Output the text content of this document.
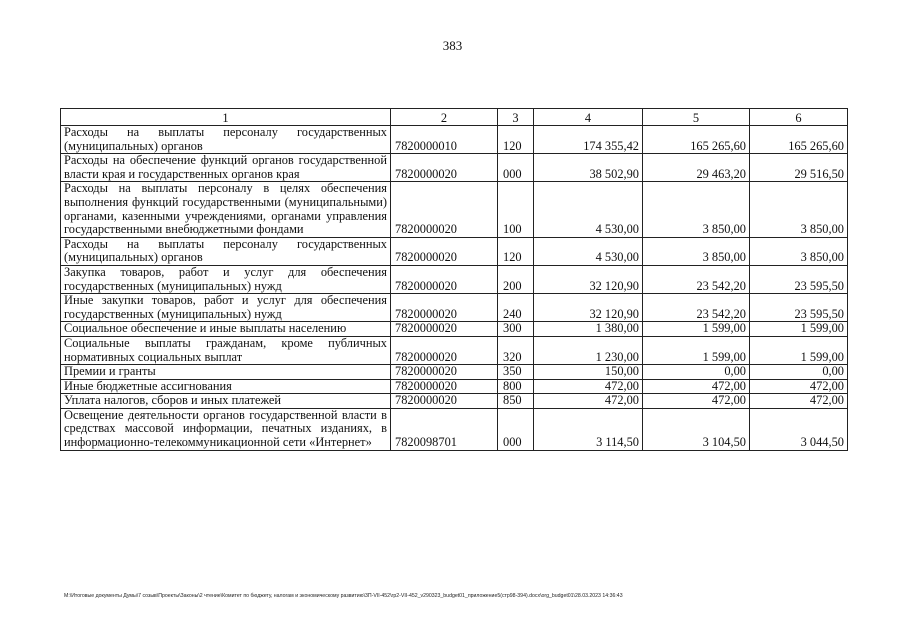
383
1	2	3	4	5	6
Расходы на выплаты персоналу государственных (муниципальных) органов	7820000010	120	174 355,42	165 265,60	165 265,60
Расходы на обеспечение функций органов государственной власти края и государственных органов края	7820000020	000	38 502,90	29 463,20	29 516,50
Расходы на выплаты персоналу в целях обеспечения выполнения функций государственными (муниципальными) органами, казенными учреждениями, органами управления государственными внебюджетными фондами	7820000020	100	4 530,00	3 850,00	3 850,00
Расходы на выплаты персоналу государственных (муниципальных) органов	7820000020	120	4 530,00	3 850,00	3 850,00
Закупка товаров, работ и услуг для обеспечения государственных (муниципальных) нужд	7820000020	200	32 120,90	23 542,20	23 595,50
Иные закупки товаров, работ и услуг для обеспечения государственных (муниципальных) нужд	7820000020	240	32 120,90	23 542,20	23 595,50
Социальное обеспечение и иные выплаты населению	7820000020	300	1 380,00	1 599,00	1 599,00
Социальные выплаты гражданам, кроме публичных нормативных социальных выплат	7820000020	320	1 230,00	1 599,00	1 599,00
Премии и гранты	7820000020	350	150,00	0,00	0,00
Иные бюджетные ассигнования	7820000020	800	472,00	472,00	472,00
Уплата налогов, сборов и иных платежей	7820000020	850	472,00	472,00	472,00
Освещение деятельности органов государственной власти в средствах массовой информации, печатных изданиях, в информационно-телекоммуникационной сети «Интернет»	7820098701	000	3 114,50	3 104,50	3 044,50
M:\Итоговые документы Думы\7 созыв\Проекты\Законы\2 чтение\Комитет по бюджету, налогам и экономическому развитию\3П-VII-452\гр2-VII-452_v290323_budget01_приложение5(стр98-394).docx\org_budget01\28.03.2023 14:36:43
